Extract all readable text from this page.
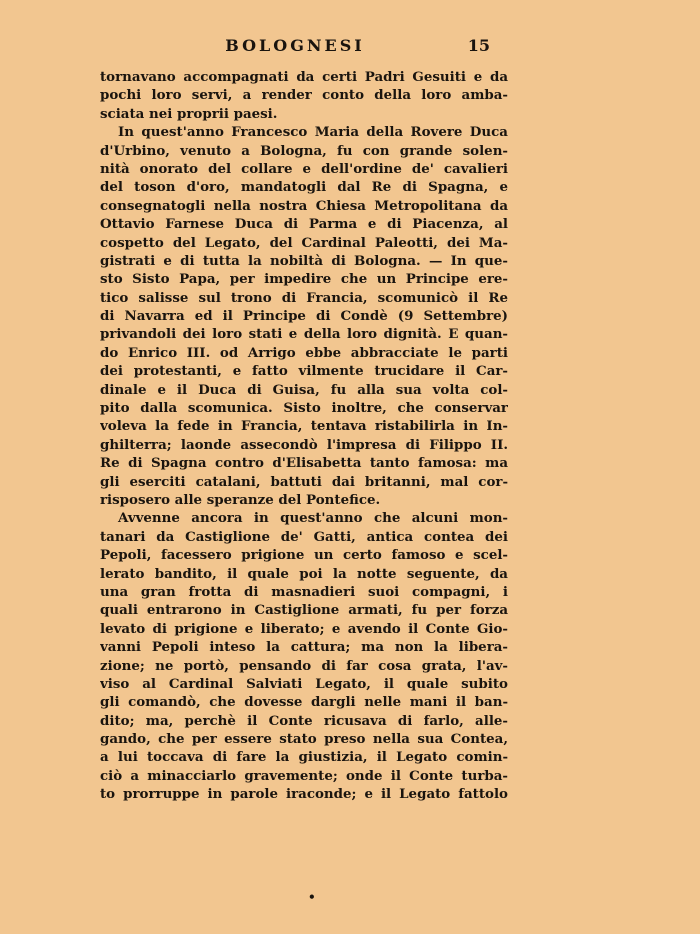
BOLOGNESI	15
tornavano accompagnati da certi Padri Gesuiti e da
pochi loro servi, a render conto della loro amba-
sciata nei proprii paesi.
In quest'anno Francesco Maria della Rovere Duca
d'Urbino, venuto a Bologna, fu con grande solen-
nità onorato del collare e dell'ordine de' cavalieri
del toson d'oro, mandatogli dal Re di Spagna, e
consegnatogli nella nostra Chiesa Metropolitana da
Ottavio Farnese Duca di Parma e di Piacenza, al
cospetto del Legato, del Cardinal Paleotti, dei Ma-
gistrati e di tutta la nobiltà di Bologna. — In que-
sto Sisto Papa, per impedire che un Principe ere-
tico salisse sul trono di Francia, scomunicò il Re
di Navarra ed il Principe di Condè (9 Settembre)
privandoli dei loro stati e della loro dignità. E quan-
do Enrico III. od Arrigo ebbe abbracciate le parti
dei protestanti, e fatto vilmente trucidare il Car-
dinale e il Duca di Guisa, fu alla sua volta col-
pito dalla scomunica. Sisto inoltre, che conservar
voleva la fede in Francia, tentava ristabilirla in In-
ghilterra; laonde assecondò l'impresa di Filippo II.
Re di Spagna contro d'Elisabetta tanto famosa: ma
gli eserciti catalani, battuti dai britanni, mal cor-
risposero alle speranze del Pontefice.
Avvenne ancora in quest'anno che alcuni mon-
tanari da Castiglione de' Gatti, antica contea dei
Pepoli, facessero prigione un certo famoso e scel-
lerato bandito, il quale poi la notte seguente, da
una gran frotta di masnadieri suoi compagni, i
quali entrarono in Castiglione armati, fu per forza
levato di prigione e liberato; e avendo il Conte Gio-
vanni Pepoli inteso la cattura; ma non la libera-
zione; ne portò, pensando di far cosa grata, l'av-
viso al Cardinal Salviati Legato, il quale subito
gli comandò, che dovesse dargli nelle mani il ban-
dito; ma, perchè il Conte ricusava di farlo, alle-
gando, che per essere stato preso nella sua Contea,
a lui toccava di fare la giustizia, il Legato comin-
ciò a minacciarlo gravemente; onde il Conte turba-
to prorruppe in parole iraconde; e il Legato fattolo
•
